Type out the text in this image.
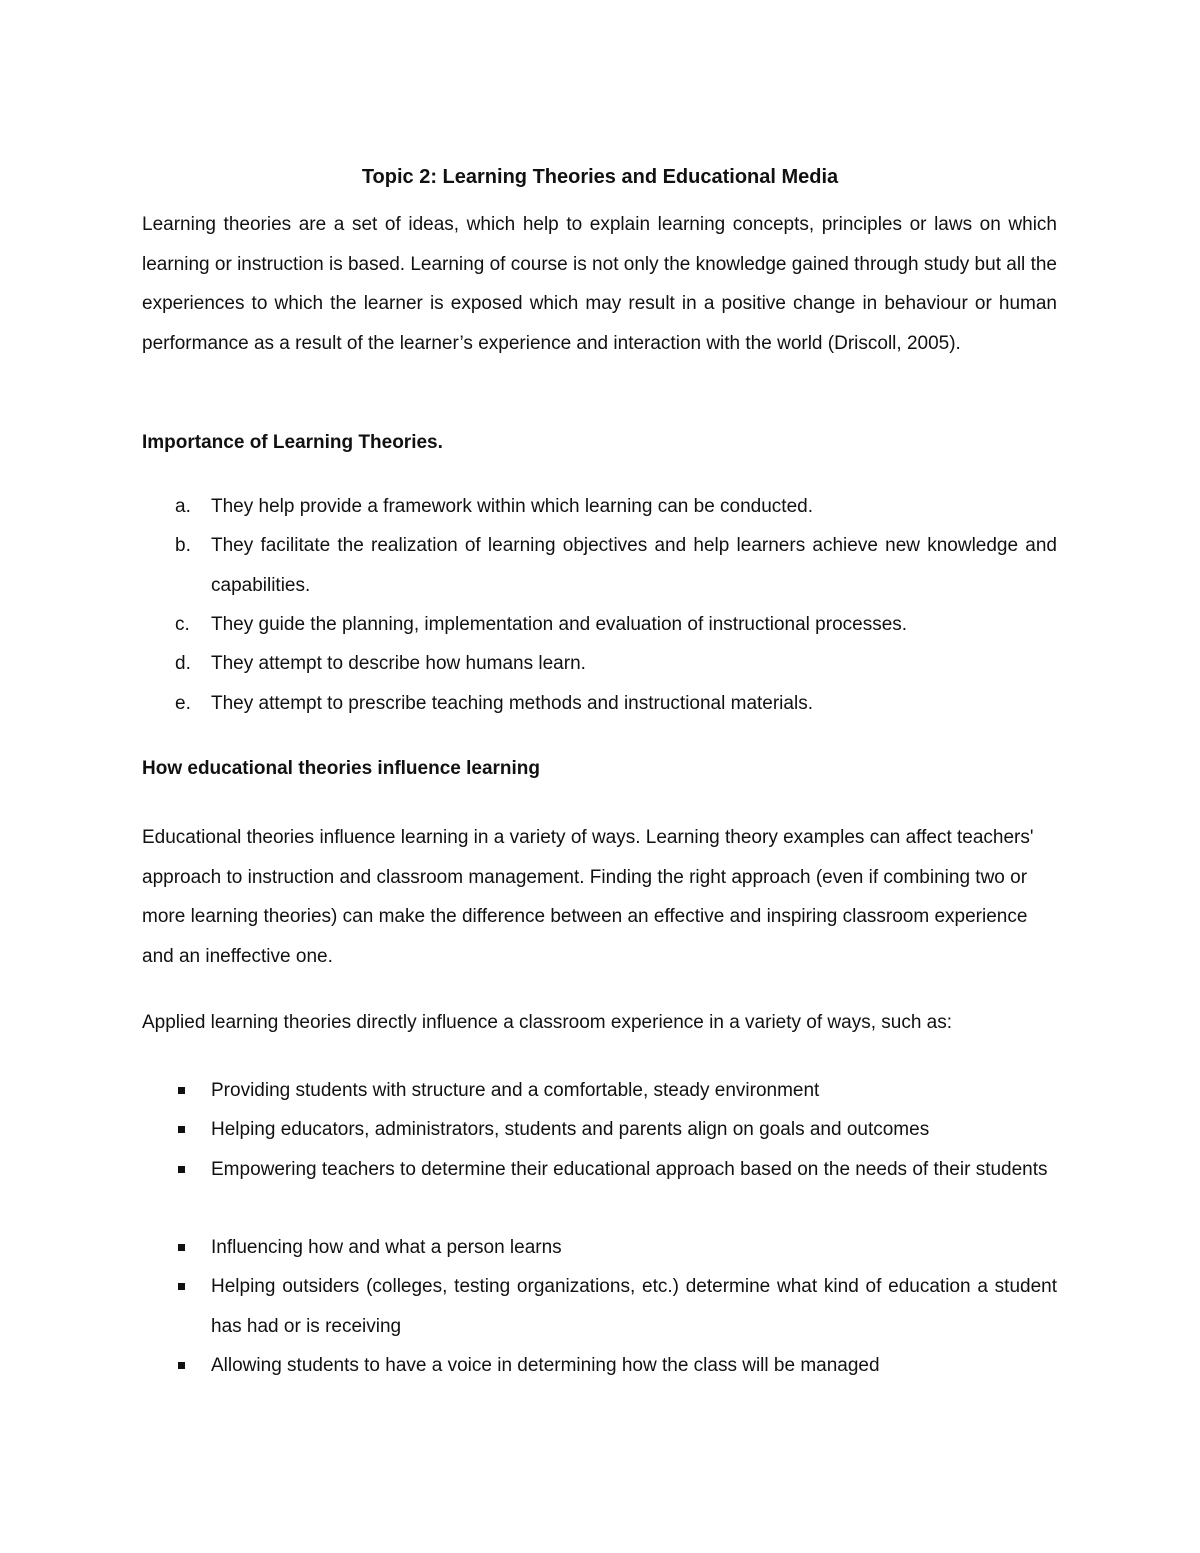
Topic 2: Learning Theories and Educational Media

Learning theories are a set of ideas, which help to explain learning concepts, principles or laws on which learning or instruction is based. Learning of course is not only the knowledge gained through study but all the experiences to which the learner is exposed which may result in a positive change in behaviour or human performance as a result of the learner’s experience and interaction with the world (Driscoll, 2005).

Importance of Learning Theories.
a. They help provide a framework within which learning can be conducted.
b. They facilitate the realization of learning objectives and help learners achieve new knowledge and capabilities.
c. They guide the planning, implementation and evaluation of instructional processes.
d. They attempt to describe how humans learn.
e. They attempt to prescribe teaching methods and instructional materials.
How educational theories influence learning

Educational theories influence learning in a variety of ways. Learning theory examples can affect teachers' approach to instruction and classroom management. Finding the right approach (even if combining two or more learning theories) can make the difference between an effective and inspiring classroom experience and an ineffective one.

Applied learning theories directly influence a classroom experience in a variety of ways, such as:

Providing students with structure and a comfortable, steady environment
Helping educators, administrators, students and parents align on goals and outcomes
Empowering teachers to determine their educational approach based on the needs of their students
Influencing how and what a person learns
Helping outsiders (colleges, testing organizations, etc.) determine what kind of education a student has had or is receiving
Allowing students to have a voice in determining how the class will be managed
